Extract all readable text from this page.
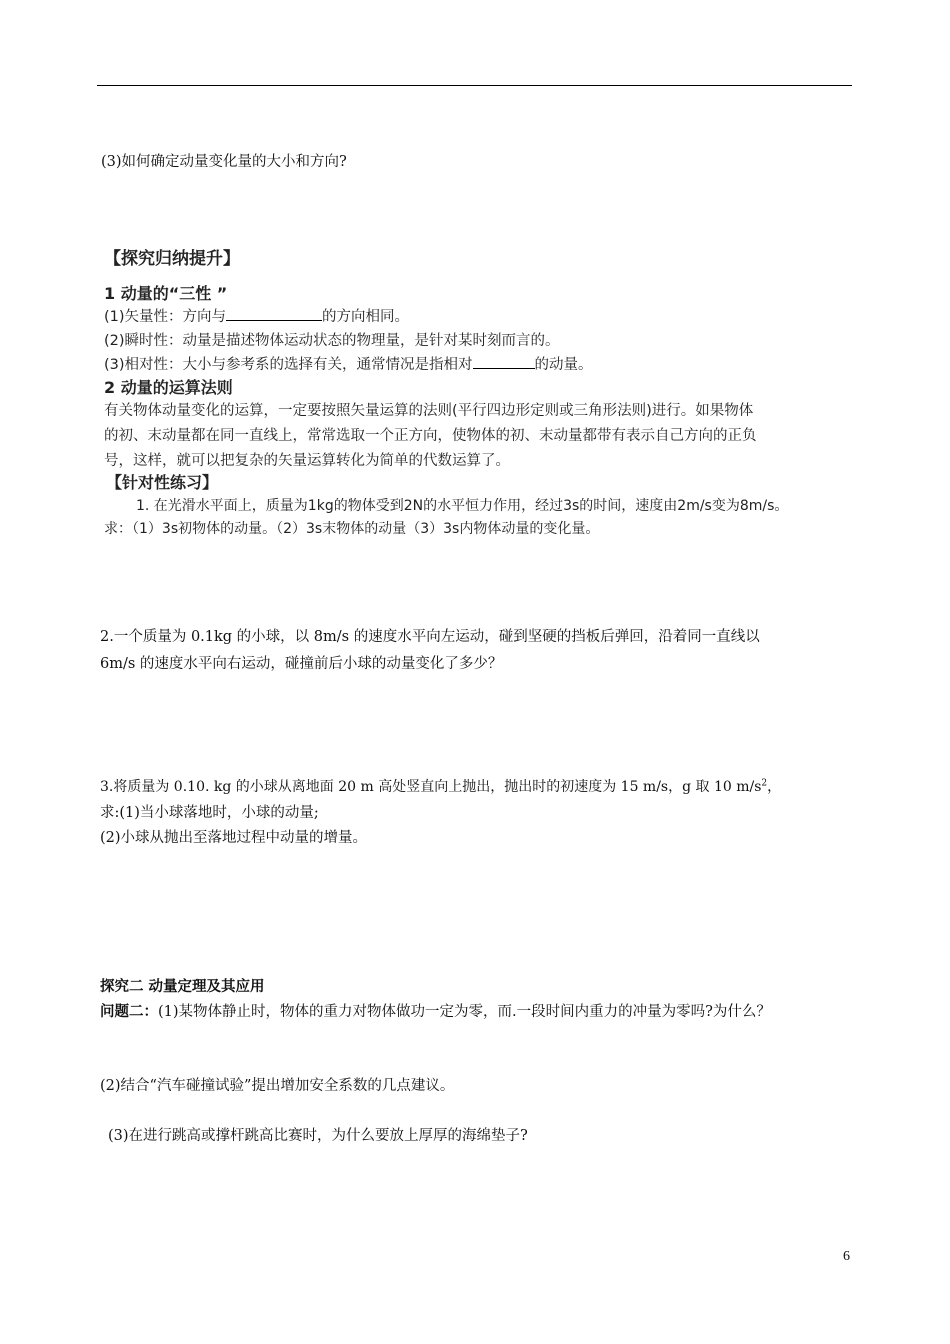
(3)如何确定动量变化量的大小和方向?
【探究归纳提升】
1 动量的“三性 ”
(1)矢量性：方向与	的方向相同。
(2)瞬时性：动量是描述物体运动状态的物理量，是针对某时刻而言的。
(3)相对性：大小与参考系的选择有关，通常情况是指相对	的动量。
2 动量的运算法则
有关物体动量变化的运算，一定要按照矢量运算的法则(平行四边形定则或三角形法则)进行。如果物体
的初、末动量都在同一直线上，常常选取一个正方向，使物体的初、末动量都带有表示自己方向的正负
号，这样，就可以把复杂的矢量运算转化为简单的代数运算了。
【针对性练习】
1. 在光滑水平面上，质量为1kg的物体受到2N的水平恒力作用，经过3s的时间，速度由2m/s变为8m/s。
求：（1）3s初物体的动量。（2）3s末物体的动量（3）3s内物体动量的变化量。
2.一个质量为 0.1kg 的小球，以 8m/s 的速度水平向左运动，碰到坚硬的挡板后弹回，沿着同一直线以
6m/s 的速度水平向右运动，碰撞前后小球的动量变化了多少？
3.将质量为 0.10. kg 的小球从离地面 20 m 高处竖直向上抛出，抛出时的初速度为 15 m/s，g 取 10 $m/s^2$，
求:(1)当小球落地时，小球的动量;
(2)小球从抛出至落地过程中动量的增量。
探究二 动量定理及其应用
问题二：(1)某物体静止时，物体的重力对物体做功一定为零，而.一段时间内重力的冲量为零吗?为什么？
(2)结合“汽车碰撞试验”提出增加安全系数的几点建议。
(3)在进行跳高或撑杆跳高比赛时，为什么要放上厚厚的海绵垫子?
6
